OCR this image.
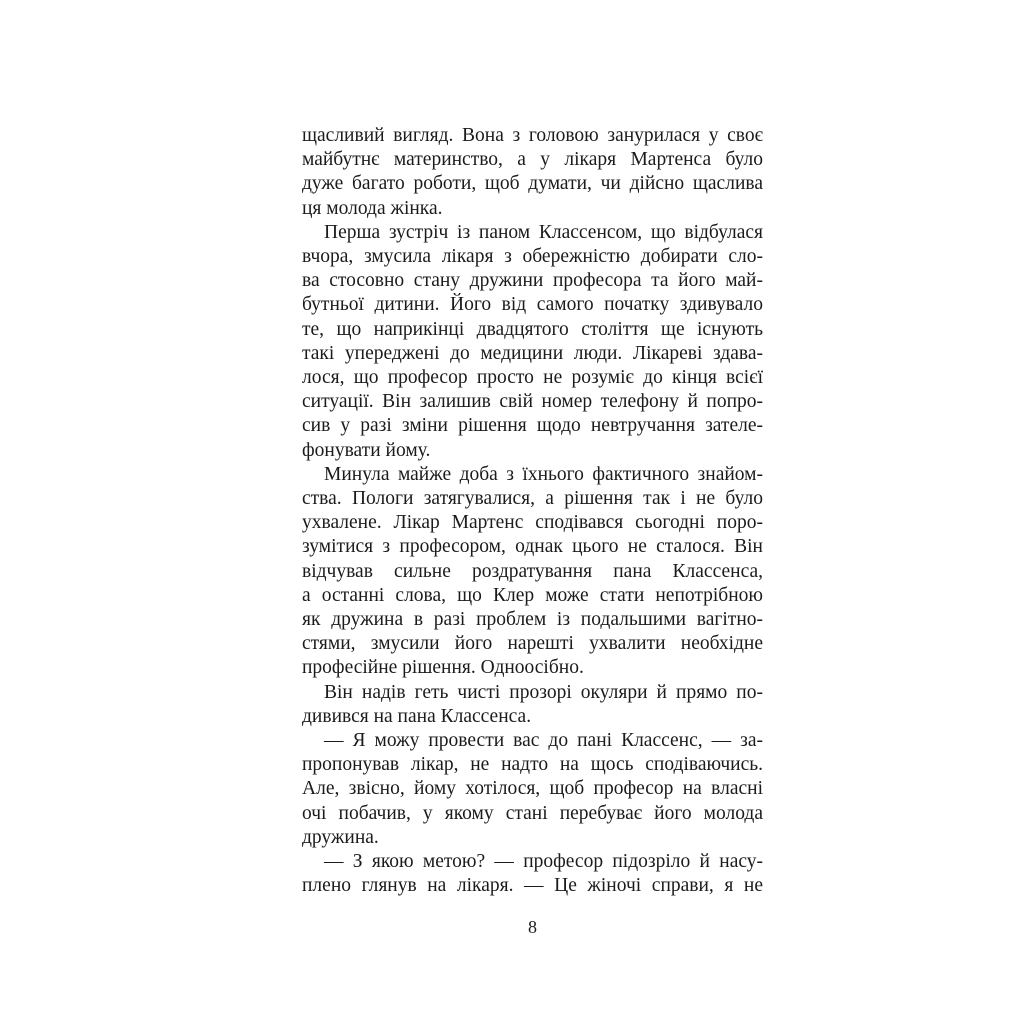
щасливий вигляд. Вона з головою занурилася у своє
майбутнє материнство, а у лікаря Мартенса було
дуже багато роботи, щоб думати, чи дійсно щаслива
ця молода жінка.

Перша зустріч із паном Классенсом, що відбулася
вчора, змусила лікаря з обережністю добирати сло-
ва стосовно стану дружини професора та його май-
бутньої дитини. Його від самого початку здивувало
те, що наприкінці двадцятого століття ще існують
такі упереджені до медицини люди. Лікареві здава-
лося, що професор просто не розуміє до кінця всієї
ситуації. Він залишив свій номер телефону й попро-
сив у разі зміни рішення щодо невтручання зателе-
фонувати йому.

Минула майже доба з їхнього фактичного знайом-
ства. Пологи затягувалися, а рішення так і не було
ухвалене. Лікар Мартенс сподівався сьогодні поро-
зумітися з професором, однак цього не сталося. Він
відчував сильне роздратування пана Классенса,
а останні слова, що Клер може стати непотрібною
як дружина в разі проблем із подальшими вагітно-
стями, змусили його нарешті ухвалити необхідне
професійне рішення. Одноосібно.

Він надів геть чисті прозорі окуляри й прямо по-
дивився на пана Классенса.

— Я можу провести вас до пані Классенс, — за-
пропонував лікар, не надто на щось сподіваючись.
Але, звісно, йому хотілося, щоб професор на власні
очі побачив, у якому стані перебуває його молода
дружина.

— З якою метою? — професор підозріло й насу-
плено глянув на лікаря. — Це жіночі справи, я не

8
